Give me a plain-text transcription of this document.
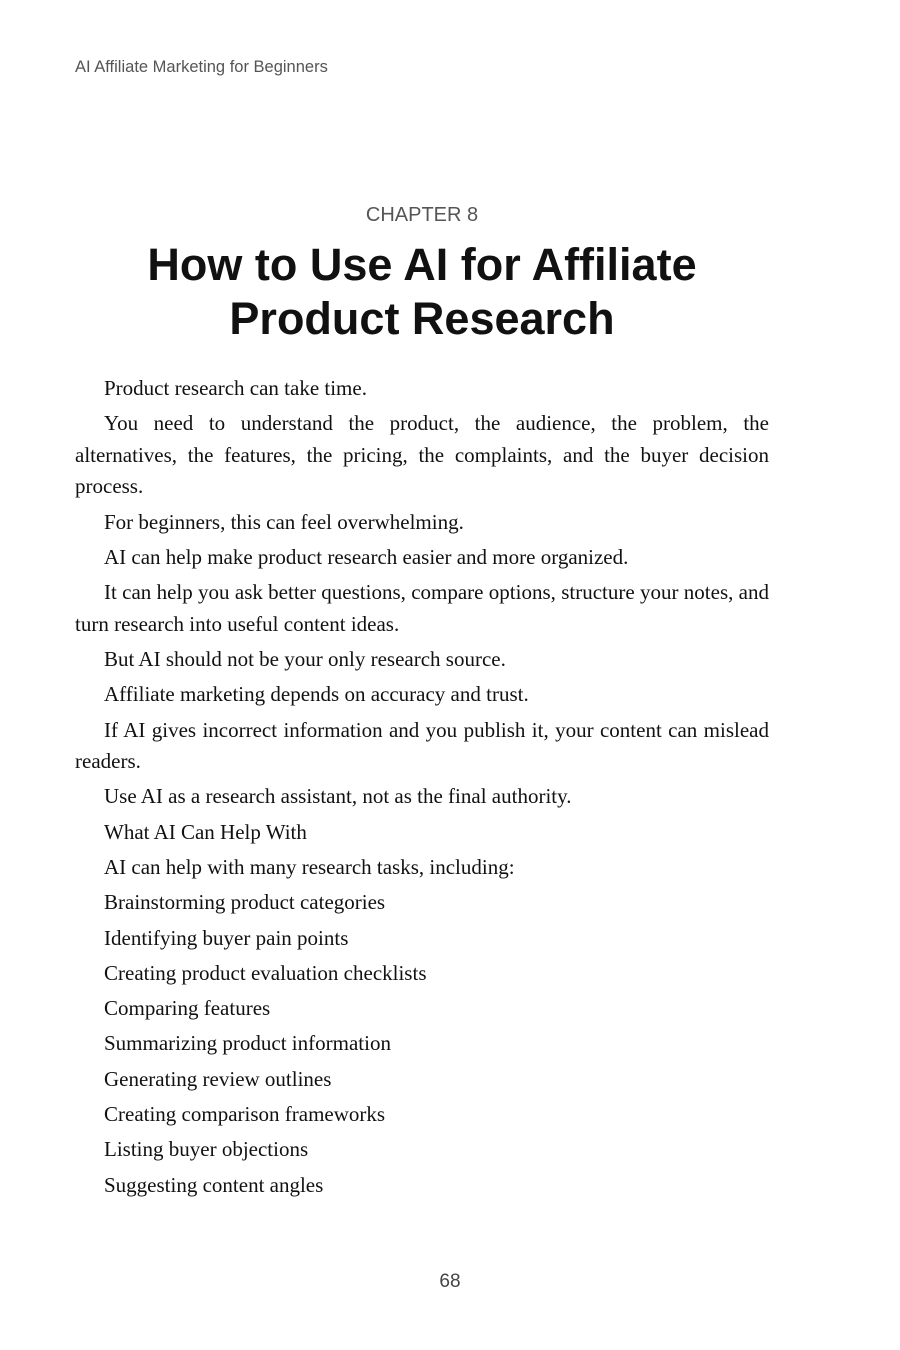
AI Affiliate Marketing for Beginners
CHAPTER 8
How to Use AI for Affiliate
Product Research

Product research can take time.

You need to understand the product, the audience, the problem, the alternatives, the features, the pricing, the complaints, and the buyer decision process.

For beginners, this can feel overwhelming.

AI can help make product research easier and more organized.

It can help you ask better questions, compare options, structure your notes, and turn research into useful content ideas.

But AI should not be your only research source.

Affiliate marketing depends on accuracy and trust.

If AI gives incorrect information and you publish it, your content can mislead readers.

Use AI as a research assistant, not as the final authority.

What AI Can Help With

AI can help with many research tasks, including:

Brainstorming product categories

Identifying buyer pain points

Creating product evaluation checklists

Comparing features

Summarizing product information

Generating review outlines

Creating comparison frameworks

Listing buyer objections

Suggesting content angles

68
